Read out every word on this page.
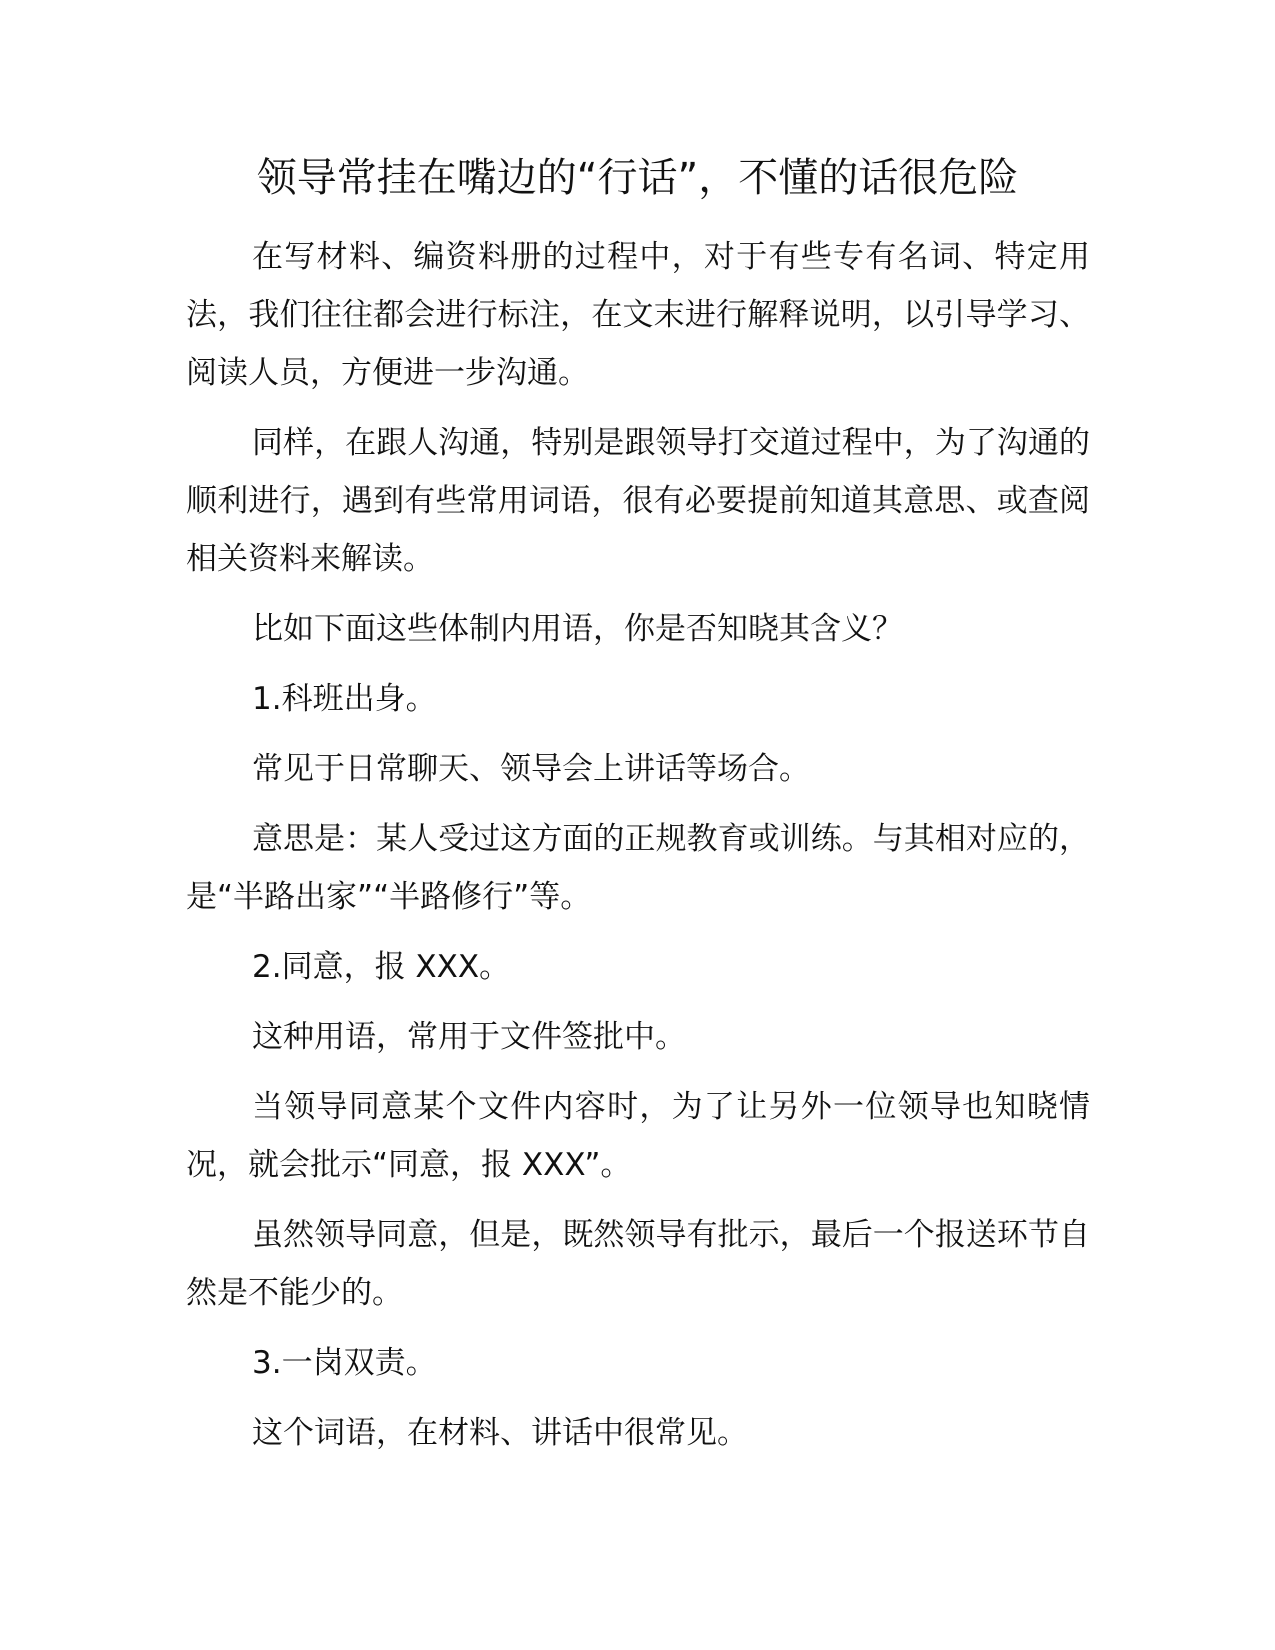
领导常挂在嘴边的“行话”，不懂的话很危险

在写材料、编资料册的过程中，对于有些专有名词、特定用法，我们往往都会进行标注，在文末进行解释说明，以引导学习、阅读人员，方便进一步沟通。

同样，在跟人沟通，特别是跟领导打交道过程中，为了沟通的顺利进行，遇到有些常用词语，很有必要提前知道其意思、或查阅相关资料来解读。

比如下面这些体制内用语，你是否知晓其含义？

1.科班出身。

常见于日常聊天、领导会上讲话等场合。

意思是：某人受过这方面的正规教育或训练。与其相对应的，是“半路出家”“半路修行”等。

2.同意，报 XXX。

这种用语，常用于文件签批中。

当领导同意某个文件内容时，为了让另外一位领导也知晓情况，就会批示“同意，报 XXX”。

虽然领导同意，但是，既然领导有批示，最后一个报送环节自然是不能少的。

3.一岗双责。

这个词语，在材料、讲话中很常见。
